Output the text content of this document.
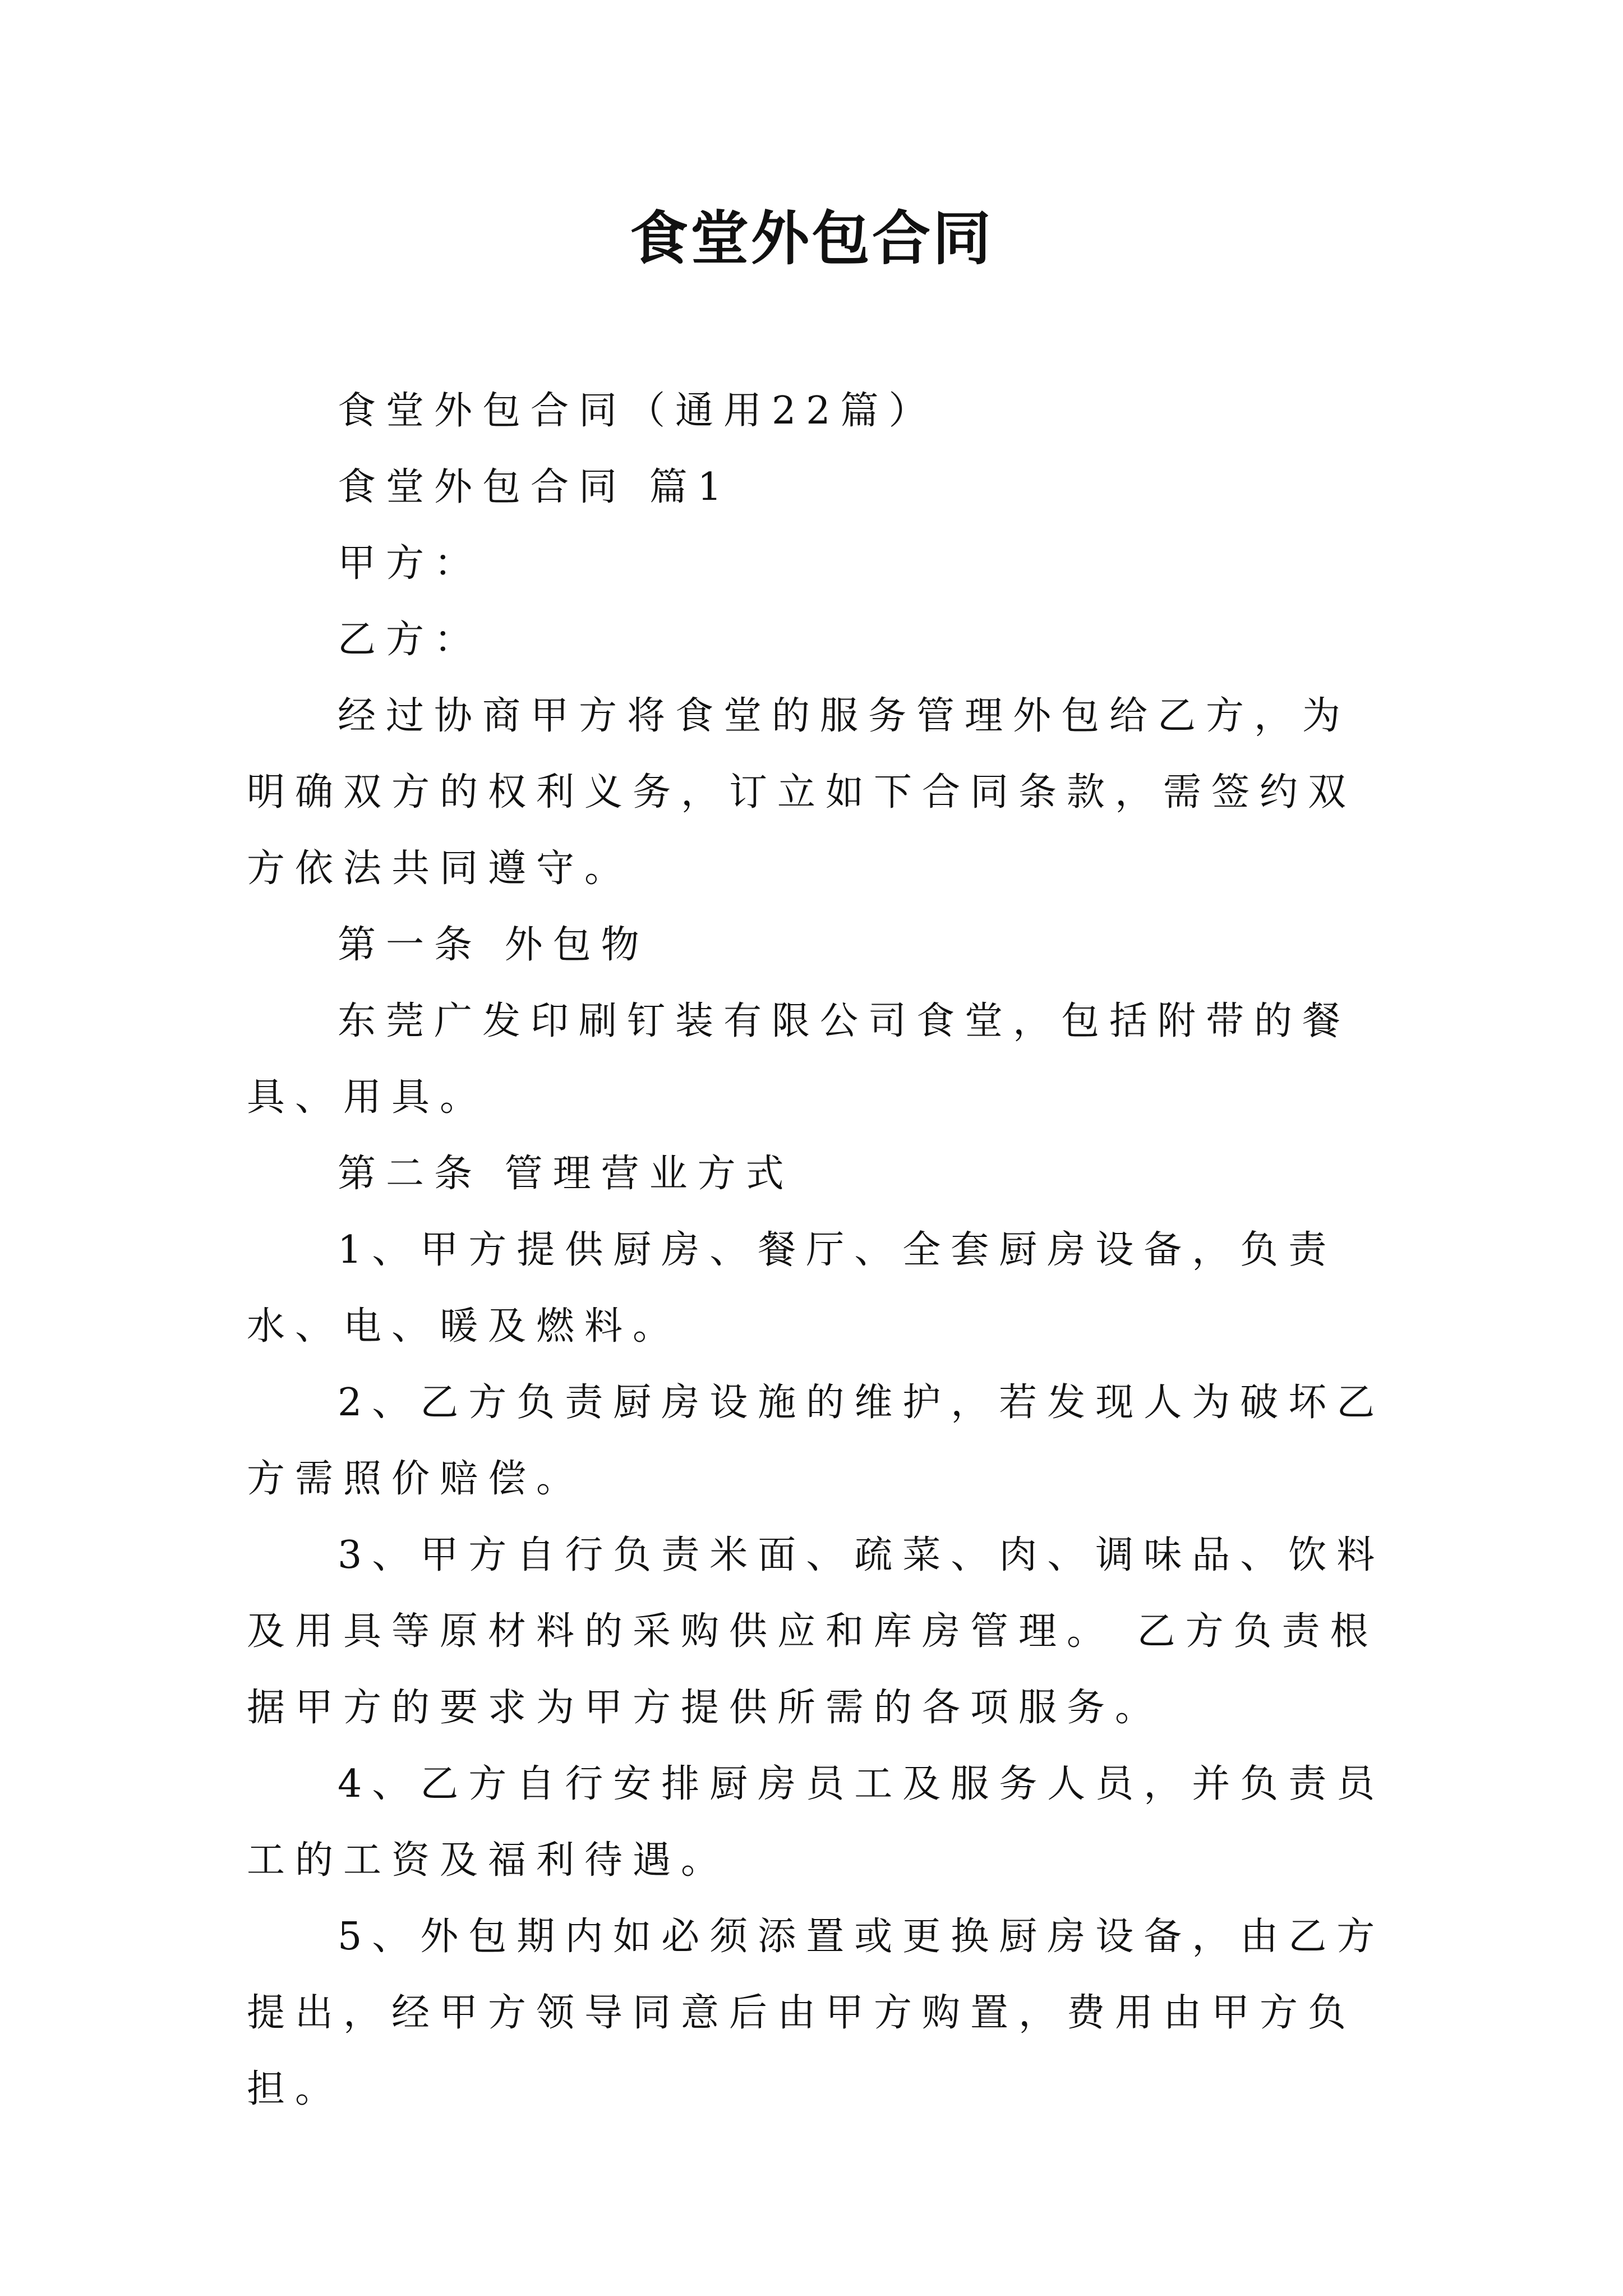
食堂外包合同

食堂外包合同（通用22篇）

食堂外包合同 篇1

甲方：

乙方：

经过协商甲方将食堂的服务管理外包给乙方，为明确双方的权利义务，订立如下合同条款，需签约双方依法共同遵守。

第一条 外包物

东莞广发印刷钉装有限公司食堂，包括附带的餐具、用具。

第二条 管理营业方式

1、甲方提供厨房、餐厅、全套厨房设备，负责水、电、暖及燃料。

2、乙方负责厨房设施的维护，若发现人为破坏乙方需照价赔偿。

3、甲方自行负责米面、疏菜、肉、调味品、饮料及用具等原材料的采购供应和库房管理。 乙方负责根据甲方的要求为甲方提供所需的各项服务。

4、乙方自行安排厨房员工及服务人员，并负责员工的工资及福利待遇。

5、外包期内如必须添置或更换厨房设备，由乙方提出，经甲方领导同意后由甲方购置，费用由甲方负担。
